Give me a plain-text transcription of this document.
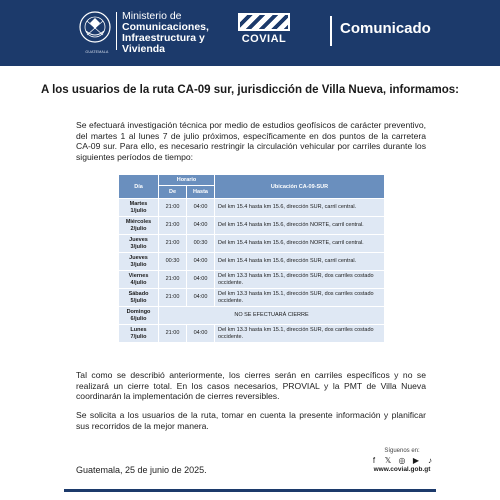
GUATEMALA
Ministerio de
Comunicaciones,
Infraestructura y
Vivienda
COVIAL
Comunicado
A los usuarios de la ruta CA-09 sur, jurisdicción de Villa Nueva, informamos:
Se efectuará investigación técnica por medio de estudios geofísicos de carácter preventivo, del martes 1 al lunes 7 de julio próximos, específicamente en dos puntos de la carretera CA-09 sur. Para ello, es necesario restringir la circulación vehicular por carriles durante los siguientes períodos de tiempo:
Día	Horario		Ubicación CA-09-SUR
	De	Hasta	
Martes 1/julio	21:00	04:00	Del km 15.4 hasta km 15.6, dirección SUR, carril central.
Miércoles 2/julio	21:00	04:00	Del km 15.4 hasta km 15.6, dirección NORTE, carril central.
Jueves 3/julio	21:00	00:30	Del km 15.4 hasta km 15.6, dirección NORTE, carril central.
Jueves 3/julio	00:30	04:00	Del km 15.4 hasta km 15.6, dirección SUR, carril central.
Viernes 4/julio	21:00	04:00	Del km 13.3 hasta km 15.1, dirección SUR, dos carriles costado occidente.
Sábado 5/julio	21:00	04:00	Del km 13.3 hasta km 15.1, dirección SUR, dos carriles costado occidente.
Domingo 6/julio	NO SE EFECTUARÁ CIERRE		
Lunes 7/julio	21:00	04:00	Del km 13.3 hasta km 15.1, dirección SUR, dos carriles costado occidente.
Tal como se describió anteriormente, los cierres serán en carriles específicos y no se realizará un cierre total. En los casos necesarios, PROVIAL y la PMT de Villa Nueva coordinarán la implementación de cierres reversibles.
Se solicita a los usuarios de la ruta, tomar en cuenta la presente información y planificar sus recorridos de la mejor manera.
Guatemala, 25 de junio de 2025.
Síguenos en:
f	𝕏 ◎ ▶	♪
www.covial.gob.gt
